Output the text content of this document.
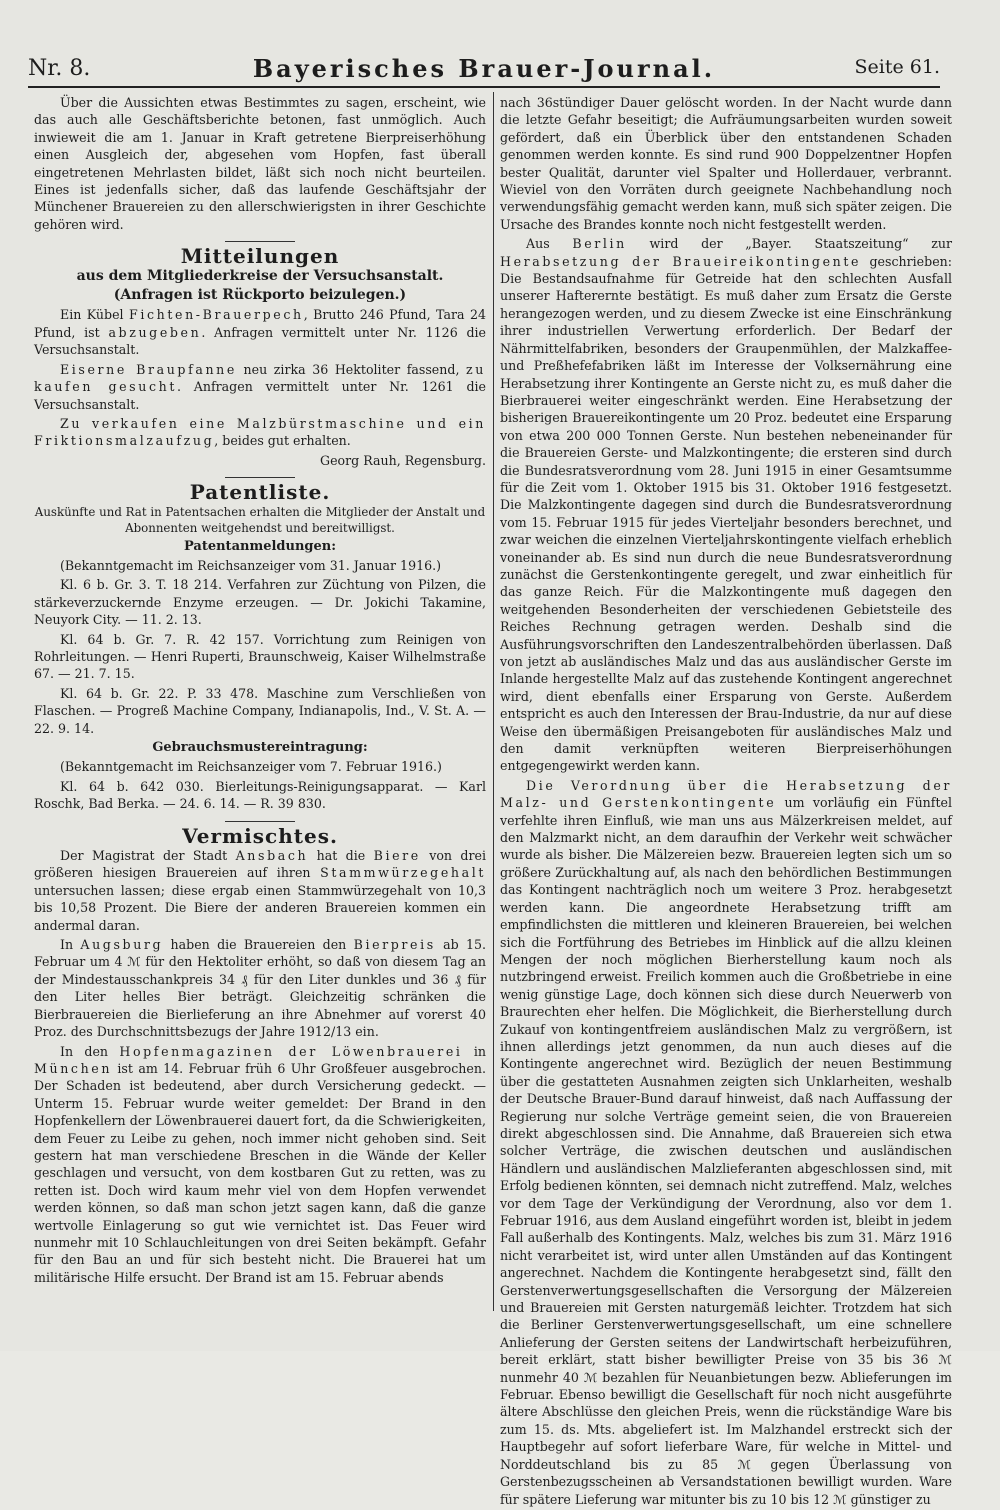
Nr. 8.	Bayerisches Brauer-Journal.	Seite 61.

Über die Aussichten etwas Bestimmtes zu sagen, erscheint, wie das auch alle Geschäftsberichte betonen, fast unmöglich. Auch inwieweit die am 1. Januar in Kraft getretene Bierpreiserhöhung einen Ausgleich der, abgesehen vom Hopfen, fast überall eingetretenen Mehrlasten bildet, läßt sich noch nicht beurteilen. Eines ist jedenfalls sicher, daß das laufende Geschäftsjahr der Münchener Brauereien zu den allerschwierigsten in ihrer Geschichte gehören wird.

Mitteilungen
aus dem Mitgliederkreise der Versuchsanstalt.
(Anfragen ist Rückporto beizulegen.)

Ein Kübel Fichten-Brauerpech, Brutto 246 Pfund, Tara 24 Pfund, ist abzugeben. Anfragen vermittelt unter Nr. 1126 die Versuchsanstalt.

Eiserne Braupfanne neu zirka 36 Hektoliter fassend, zu kaufen gesucht. Anfragen vermittelt unter Nr. 1261 die Versuchsanstalt.

Zu verkaufen eine Malzbürstmaschine und ein Friktionsmalzaufzug, beides gut erhalten.

Georg Rauh, Regensburg.

Patentliste.

Auskünfte und Rat in Patentsachen erhalten die Mitglieder der Anstalt und Abonnenten weitgehendst und bereitwilligst.

Patentanmeldungen:

(Bekanntgemacht im Reichsanzeiger vom 31. Januar 1916.)

Kl. 6 b. Gr. 3. T. 18 214. Verfahren zur Züchtung von Pilzen, die stärkeverzuckernde Enzyme erzeugen. — Dr. Jokichi Takamine, Neuyork City. — 11. 2. 13.

Kl. 64 b. Gr. 7. R. 42 157. Vorrichtung zum Reinigen von Rohrleitungen. — Henri Ruperti, Braunschweig, Kaiser Wilhelmstraße 67. — 21. 7. 15.

Kl. 64 b. Gr. 22. P. 33 478. Maschine zum Verschließen von Flaschen. — Progreß Machine Company, Indianapolis, Ind., V. St. A. — 22. 9. 14.

Gebrauchsmustereintragung:

(Bekanntgemacht im Reichsanzeiger vom 7. Februar 1916.)

Kl. 64 b. 642 030. Bierleitungs-Reinigungsapparat. — Karl Roschk, Bad Berka. — 24. 6. 14. — R. 39 830.

Vermischtes.

Der Magistrat der Stadt Ansbach hat die Biere von drei größeren hiesigen Brauereien auf ihren Stammwürzegehalt untersuchen lassen; diese ergab einen Stammwürzegehalt von 10,3 bis 10,58 Prozent. Die Biere der anderen Brauereien kommen ein andermal daran.

In Augsburg haben die Brauereien den Bierpreis ab 15. Februar um 4 ℳ für den Hektoliter erhöht, so daß von diesem Tag an der Mindestausschankpreis 34 ₰ für den Liter dunkles und 36 ₰ für den Liter helles Bier beträgt. Gleichzeitig schränken die Bierbrauereien die Bierlieferung an ihre Abnehmer auf vorerst 40 Proz. des Durchschnittsbezugs der Jahre 1912/13 ein.

In den Hopfenmagazinen der Löwenbrauerei in München ist am 14. Februar früh 6 Uhr Großfeuer ausgebrochen. Der Schaden ist bedeutend, aber durch Versicherung gedeckt. — Unterm 15. Februar wurde weiter gemeldet: Der Brand in den Hopfenkellern der Löwenbrauerei dauert fort, da die Schwierigkeiten, dem Feuer zu Leibe zu gehen, noch immer nicht gehoben sind. Seit gestern hat man verschiedene Breschen in die Wände der Keller geschlagen und versucht, von dem kostbaren Gut zu retten, was zu retten ist. Doch wird kaum mehr viel von dem Hopfen verwendet werden können, so daß man schon jetzt sagen kann, daß die ganze wertvolle Einlagerung so gut wie vernichtet ist. Das Feuer wird nunmehr mit 10 Schlauchleitungen von drei Seiten bekämpft. Gefahr für den Bau an und für sich besteht nicht. Die Brauerei hat um militärische Hilfe ersucht. Der Brand ist am 15. Februar abends

nach 36stündiger Dauer gelöscht worden. In der Nacht wurde dann die letzte Gefahr beseitigt; die Aufräumungsarbeiten wurden soweit gefördert, daß ein Überblick über den entstandenen Schaden genommen werden konnte. Es sind rund 900 Doppelzentner Hopfen bester Qualität, darunter viel Spalter und Hollerdauer, verbrannt. Wieviel von den Vorräten durch geeignete Nachbehandlung noch verwendungsfähig gemacht werden kann, muß sich später zeigen. Die Ursache des Brandes konnte noch nicht festgestellt werden.

Aus Berlin wird der „Bayer. Staatszeitung“ zur Herabsetzung der Braueireikontingente geschrieben: Die Bestandsaufnahme für Getreide hat den schlechten Ausfall unserer Hafterernte bestätigt. Es muß daher zum Ersatz die Gerste herangezogen werden, und zu diesem Zwecke ist eine Einschränkung ihrer industriellen Verwertung erforderlich. Der Bedarf der Nährmittelfabriken, besonders der Graupenmühlen, der Malzkaffee- und Preßhefefabriken läßt im Interesse der Volksernährung eine Herabsetzung ihrer Kontingente an Gerste nicht zu, es muß daher die Bierbrauerei weiter eingeschränkt werden. Eine Herabsetzung der bisherigen Brauereikontingente um 20 Proz. bedeutet eine Ersparung von etwa 200 000 Tonnen Gerste. Nun bestehen nebeneinander für die Brauereien Gerste- und Malzkontingente; die ersteren sind durch die Bundesratsverordnung vom 28. Juni 1915 in einer Gesamtsumme für die Zeit vom 1. Oktober 1915 bis 31. Oktober 1916 festgesetzt. Die Malzkontingente dagegen sind durch die Bundesratsverordnung vom 15. Februar 1915 für jedes Vierteljahr besonders berechnet, und zwar weichen die einzelnen Vierteljahrskontingente vielfach erheblich voneinander ab. Es sind nun durch die neue Bundesratsverordnung zunächst die Gerstenkontingente geregelt, und zwar einheitlich für das ganze Reich. Für die Malzkontingente muß dagegen den weitgehenden Besonderheiten der verschiedenen Gebietsteile des Reiches Rechnung getragen werden. Deshalb sind die Ausführungsvorschriften den Landeszentralbehörden überlassen. Daß von jetzt ab ausländisches Malz und das aus ausländischer Gerste im Inlande hergestellte Malz auf das zustehende Kontingent angerechnet wird, dient ebenfalls einer Ersparung von Gerste. Außerdem entspricht es auch den Interessen der Brau-Industrie, da nur auf diese Weise den übermäßigen Preisangeboten für ausländisches Malz und den damit verknüpften weiteren Bierpreiserhöhungen entgegengewirkt werden kann.

Die Verordnung über die Herabsetzung der Malz- und Gerstenkontingente um vorläufig ein Fünftel verfehlte ihren Einfluß, wie man uns aus Mälzerkreisen meldet, auf den Malzmarkt nicht, an dem daraufhin der Verkehr weit schwächer wurde als bisher. Die Mälzereien bezw. Brauereien legten sich um so größere Zurückhaltung auf, als nach den behördlichen Bestimmungen das Kontingent nachträglich noch um weitere 3 Proz. herabgesetzt werden kann. Die angeordnete Herabsetzung trifft am empfindlichsten die mittleren und kleineren Brauereien, bei welchen sich die Fortführung des Betriebes im Hinblick auf die allzu kleinen Mengen der noch möglichen Bierherstellung kaum noch als nutzbringend erweist. Freilich kommen auch die Großbetriebe in eine wenig günstige Lage, doch können sich diese durch Neuerwerb von Braurechten eher helfen. Die Möglichkeit, die Bierherstellung durch Zukauf von kontingentfreiem ausländischen Malz zu vergrößern, ist ihnen allerdings jetzt genommen, da nun auch dieses auf die Kontingente angerechnet wird. Bezüglich der neuen Bestimmung über die gestatteten Ausnahmen zeigten sich Unklarheiten, weshalb der Deutsche Brauer-Bund darauf hinweist, daß nach Auffassung der Regierung nur solche Verträge gemeint seien, die von Brauereien direkt abgeschlossen sind. Die Annahme, daß Brauereien sich etwa solcher Verträge, die zwischen deutschen und ausländischen Händlern und ausländischen Malzlieferanten abgeschlossen sind, mit Erfolg bedienen könnten, sei demnach nicht zutreffend. Malz, welches vor dem Tage der Verkündigung der Verordnung, also vor dem 1. Februar 1916, aus dem Ausland eingeführt worden ist, bleibt in jedem Fall außerhalb des Kontingents. Malz, welches bis zum 31. März 1916 nicht verarbeitet ist, wird unter allen Umständen auf das Kontingent angerechnet. Nachdem die Kontingente herabgesetzt sind, fällt den Gerstenverwertungsgesellschaften die Versorgung der Mälzereien und Brauereien mit Gersten naturgemäß leichter. Trotzdem hat sich die Berliner Gerstenverwertungsgesellschaft, um eine schnellere Anlieferung der Gersten seitens der Landwirtschaft herbeizuführen, bereit erklärt, statt bisher bewilligter Preise von 35 bis 36 ℳ nunmehr 40 ℳ bezahlen für Neuanbietungen bezw. Ablieferungen im Februar. Ebenso bewilligt die Gesellschaft für noch nicht ausgeführte ältere Abschlüsse den gleichen Preis, wenn die rückständige Ware bis zum 15. ds. Mts. abgeliefert ist. Im Malzhandel erstreckt sich der Hauptbegehr auf sofort lieferbare Ware, für welche in Mittel- und Norddeutschland bis zu 85 ℳ gegen Überlassung von Gerstenbezugsscheinen ab Versandstationen bewilligt wurden. Ware für spätere Lieferung war mitunter bis zu 10 bis 12 ℳ günstiger zu
